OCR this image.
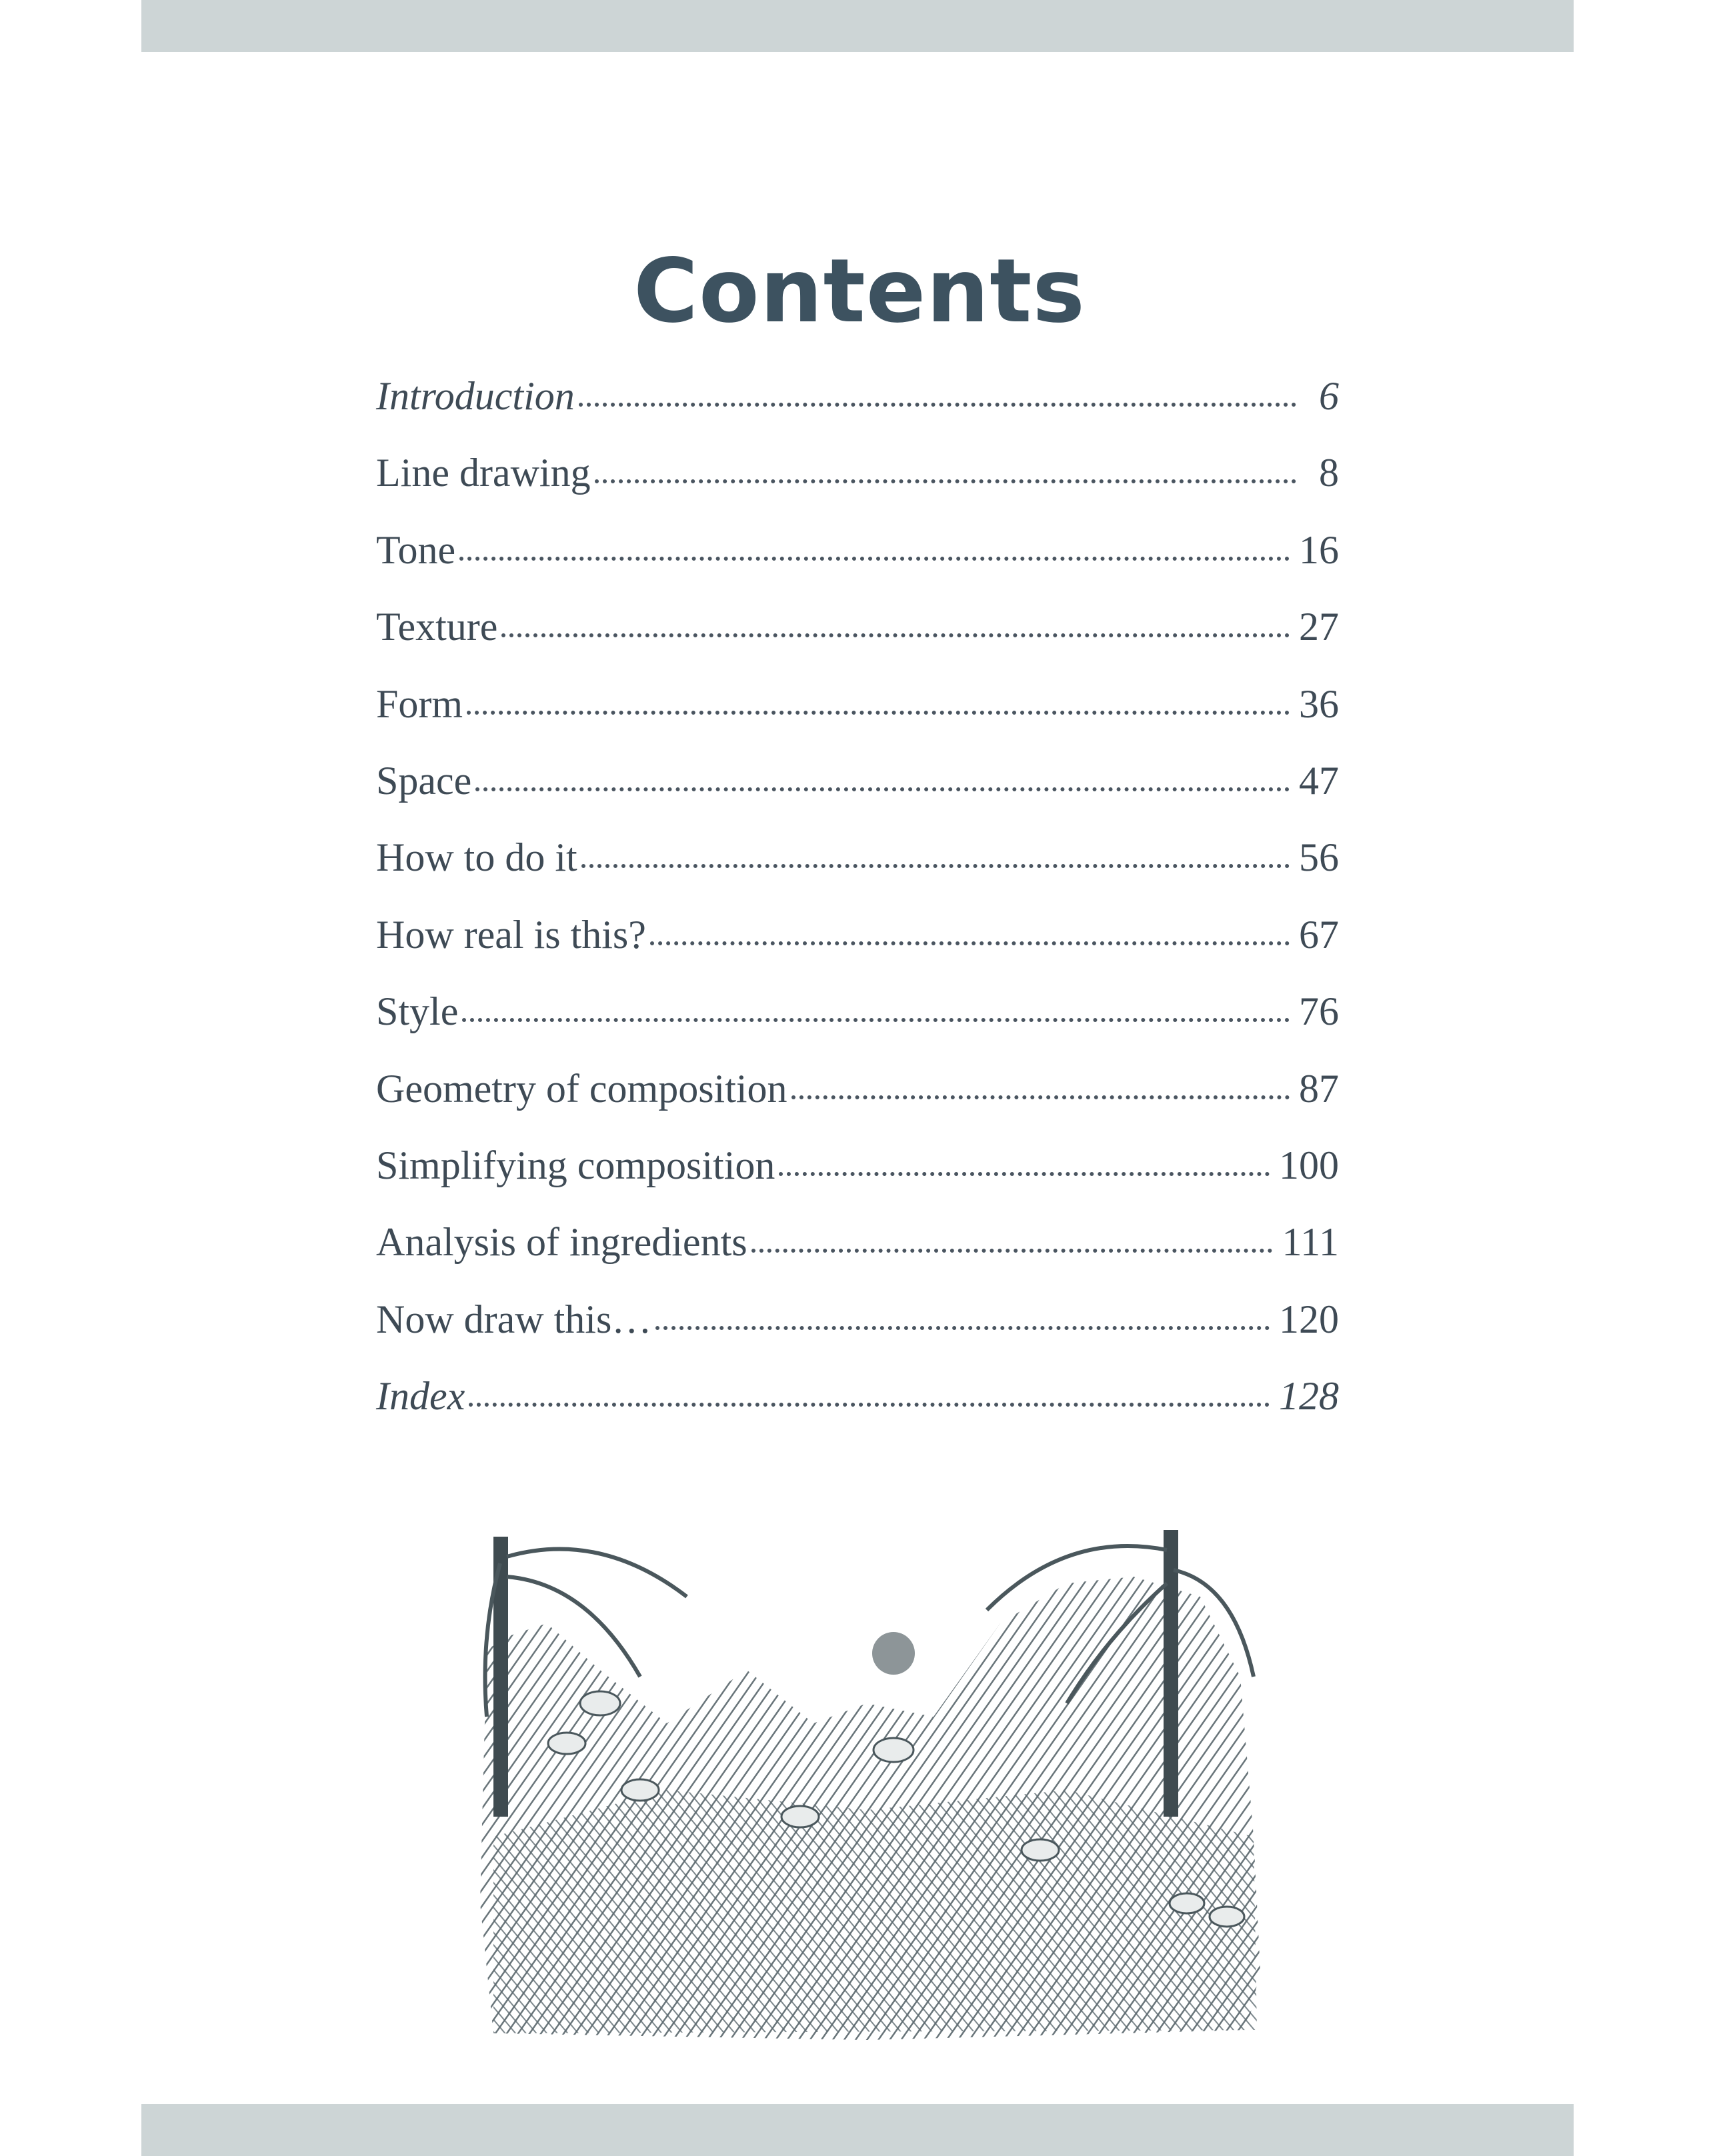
Contents
Introduction	6
Line drawing	8
Tone	16
Texture	27
Form	36
Space	47
How to do it	56
How real is this?	67
Style	76
Geometry of composition	87
Simplifying composition	100
Analysis of ingredients	111
Now draw this…	120
Index	128
